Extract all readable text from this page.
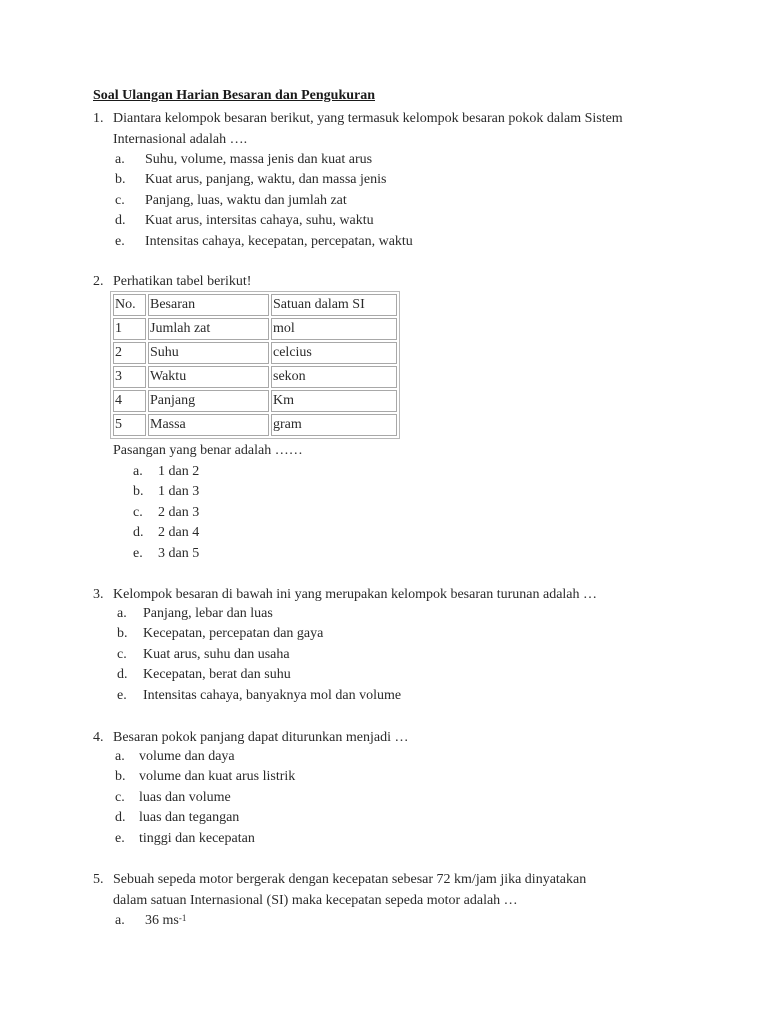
Soal Ulangan Harian Besaran dan Pengukuran
1. Diantara kelompok besaran berikut, yang termasuk kelompok besaran pokok dalam Sistem
Internasional adalah ….
a. Suhu, volume, massa jenis dan kuat arus
b. Kuat arus, panjang, waktu, dan massa jenis
c. Panjang, luas, waktu dan jumlah zat
d. Kuat arus, intersitas cahaya, suhu, waktu
e. Intensitas cahaya, kecepatan, percepatan, waktu
2. Perhatikan tabel berikut!
No.	Besaran	Satuan dalam SI
1	Jumlah zat	mol
2	Suhu	celcius
3	Waktu	sekon
4	Panjang	Km
5	Massa	gram
Pasangan yang benar adalah ……
a. 1 dan 2
b. 1 dan 3
c. 2 dan 3
d. 2 dan 4
e. 3 dan 5
3. Kelompok besaran di bawah ini yang merupakan kelompok besaran turunan adalah …
a. Panjang, lebar dan luas
b. Kecepatan, percepatan dan gaya
c. Kuat arus, suhu dan usaha
d. Kecepatan, berat dan suhu
e. Intensitas cahaya, banyaknya mol dan volume
4. Besaran pokok panjang dapat diturunkan menjadi …
a. volume dan daya
b. volume dan kuat arus listrik
c. luas dan volume
d. luas dan tegangan
e. tinggi dan kecepatan
5. Sebuah sepeda motor bergerak dengan kecepatan sebesar 72 km/jam jika dinyatakan
dalam satuan Internasional (SI) maka kecepatan sepeda motor adalah …
a. 36 $ms^{-1}$
